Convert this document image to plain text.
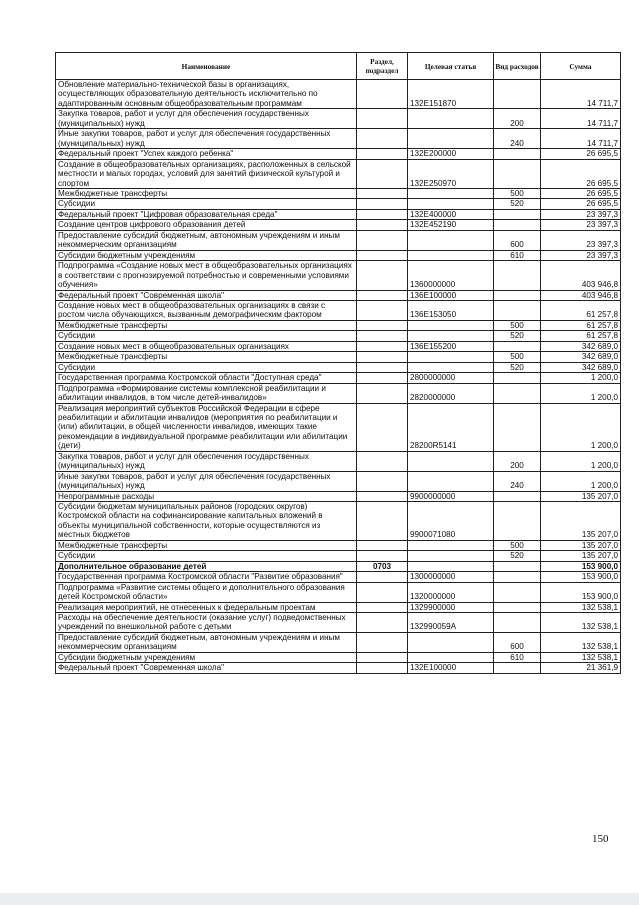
Наименование	Раздел, подраздел	Целевая статья	Вид расходов	Сумма
Обновление материально-технической базы в организациях, осуществляющих образовательную деятельность исключительно по адаптированным основным общеобразовательным программам		132E151870		14 711,7
Закупка товаров, работ и услуг для обеспечения государственных (муниципальных) нужд			200	14 711,7
Иные закупки товаров, работ и услуг для обеспечения государственных (муниципальных) нужд			240	14 711,7
Федеральный проект "Успех каждого ребенка"		132E200000		26 695,5
Создание в общеобразовательных организациях, расположенных в сельской местности и малых городах, условий для занятий физической культурой и спортом		132E250970		26 695,5
Межбюджетные трансферты			500	26 695,5
Субсидии			520	26 695,5
Федеральный проект "Цифровая образовательная среда"		132E400000		23 397,3
Создание центров цифрового образования детей		132E452190		23 397,3
Предоставление субсидий бюджетным, автономным учреждениям и иным некоммерческим организациям			600	23 397,3
Субсидии бюджетным учреждениям			610	23 397,3
Подпрограмма «Создание новых мест в общеобразовательных организациях в соответствии с прогнозируемой потребностью и современными условиями обучения»		1360000000		403 946,8
Федеральный проект "Современная школа"		136E100000		403 946,8
Создание новых мест в общеобразовательных организациях в связи с ростом числа обучающихся, вызванным демографическим фактором		136E153050		61 257,8
Межбюджетные трансферты			500	61 257,8
Субсидии			520	61 257,8
Создание новых мест в общеобразовательных организациях		136E155200		342 689,0
Межбюджетные трансферты			500	342 689,0
Субсидии			520	342 689,0
Государственная программа Костромской области "Доступная среда"		2800000000		1 200,0
Подпрограмма «Формирование системы комплексной реабилитации и абилитации инвалидов, в том числе детей-инвалидов»		2820000000		1 200,0
Реализация мероприятий субъектов Российской Федерации в сфере реабилитации и абилитации инвалидов (мероприятия по реабилитации и (или) абилитации, в общей численности инвалидов, имеющих такие рекомендации в индивидуальной программе реабилитации или абилитации (дети)		28200R5141		1 200,0
Закупка товаров, работ и услуг для обеспечения государственных (муниципальных) нужд			200	1 200,0
Иные закупки товаров, работ и услуг для обеспечения государственных (муниципальных) нужд			240	1 200,0
Непрограммные расходы		9900000000		135 207,0
Субсидии бюджетам муниципальных районов (городских округов) Костромской области на софинансирование капитальных вложений в объекты муниципальной собственности, которые осуществляются из местных бюджетов		9900071080		135 207,0
Межбюджетные трансферты			500	135 207,0
Субсидии			520	135 207,0
Дополнительное образование детей	0703			153 900,0
Государственная программа Костромской области "Развитие образования"		1300000000		153 900,0
Подпрограмма «Развитие системы общего и дополнительного образования детей Костромской области»		1320000000		153 900,0
Реализация мероприятий, не отнесенных к федеральным проектам		1329900000		132 538,1
Расходы на обеспечение деятельности (оказание услуг) подведомственных учреждений по внешкольной работе с детьми		132990059A		132 538,1
Предоставление субсидий бюджетным, автономным учреждениям и иным некоммерческим организациям			600	132 538,1
Субсидии бюджетным учреждениям			610	132 538,1
Федеральный проект "Современная школа"		132E100000		21 361,9
150
